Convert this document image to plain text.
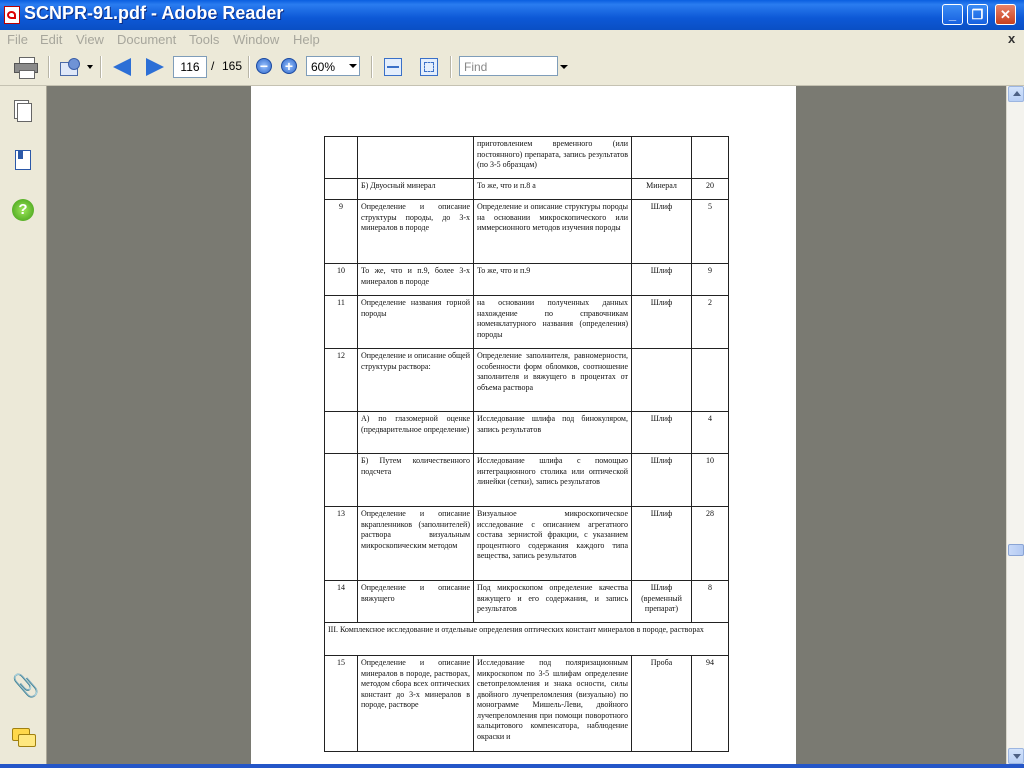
SCNPR-91.pdf - Adobe Reader	_	❐	✕
File Edit View Document Tools Window Help	x
116 / 165 − +	60%	Find
?
📎
		приготовлением временного (или постоянного) препарата, запись результатов (по 3-5 образцам)		
	Б) Двуосный минерал	То же, что и п.8 а	Минерал	20
9	Определение и описание структуры породы, до 3-х минералов в породе	Определение и описание структуры породы на основании микроскопического или иммерсионного методов изучения породы	Шлиф	5
10	То же, что и п.9, более 3-х минералов в породе	То же, что и п.9	Шлиф	9
11	Определение названия горной породы	на основании полученных данных нахождение по справочникам номенклатурного названия (определения) породы	Шлиф	2
12	Определение и описание общей структуры раствора:	Определение заполнителя, равномерности, особенности форм обломков, соотношение заполнителя и вяжущего в процентах от объема раствора		
	А) по глазомерной оценке (предварительное определение)	Исследование шлифа под бинокуляром, запись результатов	Шлиф	4
	Б) Путем количественного подсчета	Исследование шлифа с помощью интеграционного столика или оптической линейки (сетки), запись результатов	Шлиф	10
13	Определение и описание вкрапленников (заполнителей) раствора визуальным микроскопическим методом	Визуальное микроскопическое исследование с описанием агрегатного состава зернистой фракции, с указанием процентного содержания каждого типа вещества, запись результатов	Шлиф	28
14	Определение и описание вяжущего	Под микроскопом определение качества вяжущего и его содержания, и запись результатов	Шлиф (временный препарат)	8
III. Комплексное исследование и отдельные определения оптических констант минералов в породе, растворах				
15	Определение и описание минералов в породе, растворах, методом сбора всех оптических констант до 3-х минералов в породе, растворе	Исследование под поляризационным микроскопом по 3-5 шлифам определение светопреломления и знака осности, силы двойного лучепреломления (визуально) по монограмме Мишель-Леви, двойного лучепреломления при помощи поворотного кальцитового компенсатора, наблюдение окраски и	Проба	94
